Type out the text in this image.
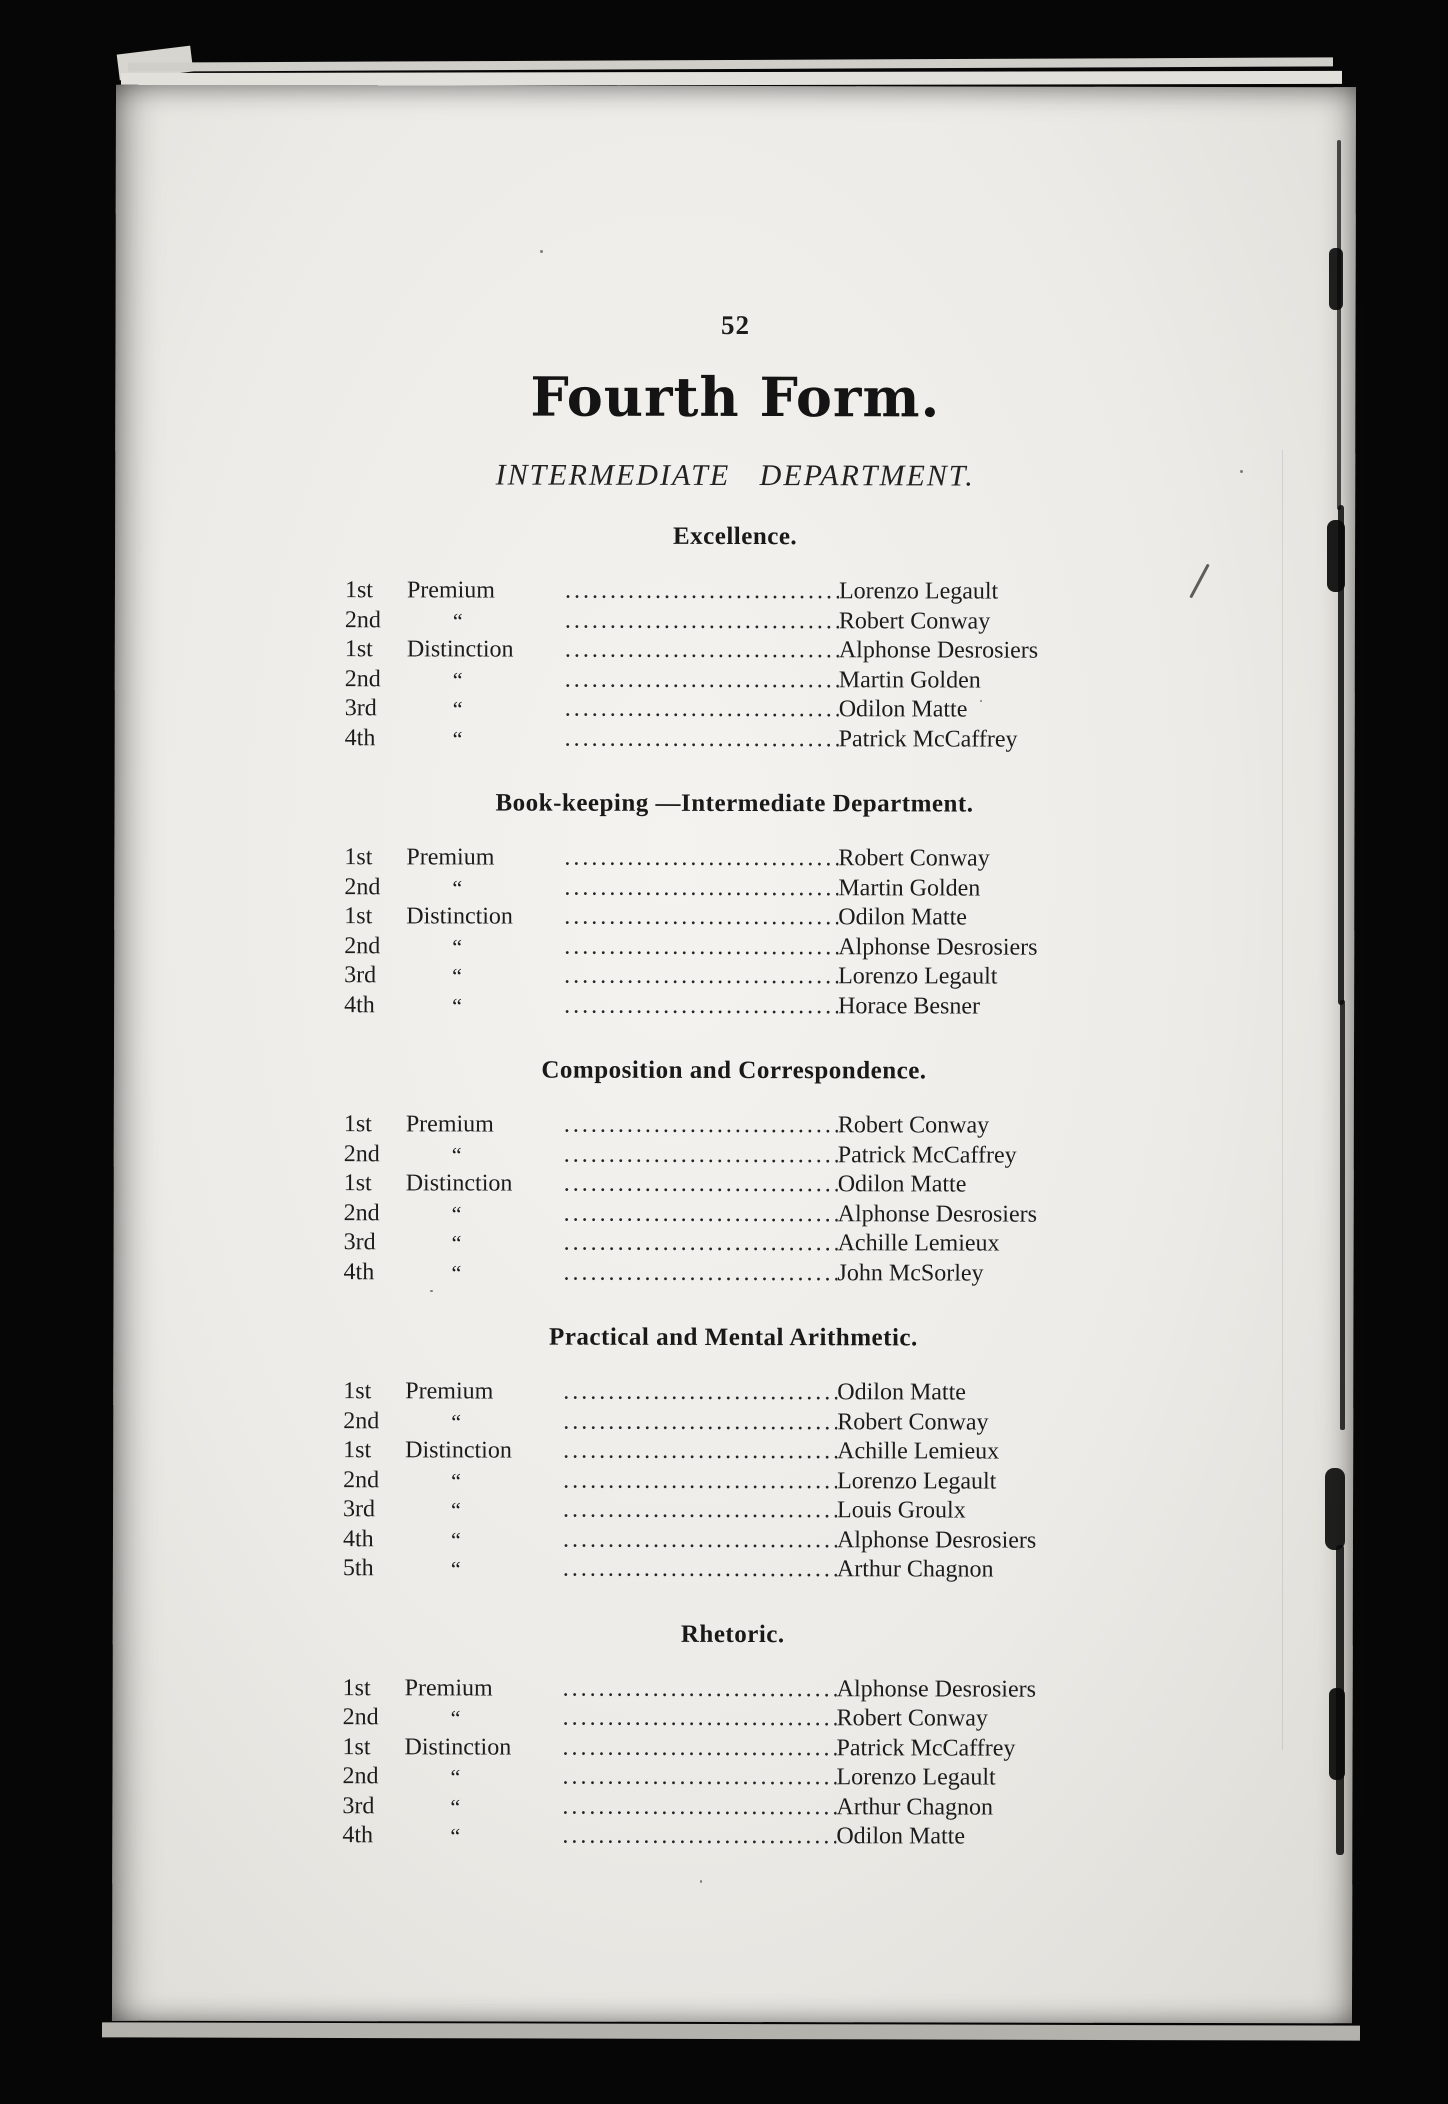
52
Fourth Form.
INTERMEDIATE DEPARTMENT.
Excellence.
1st	Premium .....	Lorenzo Legault
2nd	“ .....	Robert Conway
1st	Distinction .....	Alphonse Desrosiers
2nd	“ .....	Martin Golden
3rd	“ .....	Odilon Matte
4th	“ .....	Patrick McCaffrey
Book-keeping —Intermediate Department.
1st	Premium .....	Robert Conway
2nd	“ .....	Martin Golden
1st	Distinction .....	Odilon Matte
2nd	“ .....	Alphonse Desrosiers
3rd	“ .....	Lorenzo Legault
4th	“ .....	Horace Besner
Composition and Correspondence.
1st	Premium .....	Robert Conway
2nd	“ .....	Patrick McCaffrey
1st	Distinction .....	Odilon Matte
2nd	“ .....	Alphonse Desrosiers
3rd	“ .....	Achille Lemieux
4th	“ .....	John McSorley
Practical and Mental Arithmetic.
1st	Premium .....	Odilon Matte
2nd	“ .....	Robert Conway
1st	Distinction .....	Achille Lemieux
2nd	“ .....	Lorenzo Legault
3rd	“ .....	Louis Groulx
4th	“ .....	Alphonse Desrosiers
5th	“ .....	Arthur Chagnon
Rhetoric.
1st	Premium .....	Alphonse Desrosiers
2nd	“ .....	Robert Conway
1st	Distinction .....	Patrick McCaffrey
2nd	“ .....	Lorenzo Legault
3rd	“ .....	Arthur Chagnon
4th	“ .....	Odilon Matte
